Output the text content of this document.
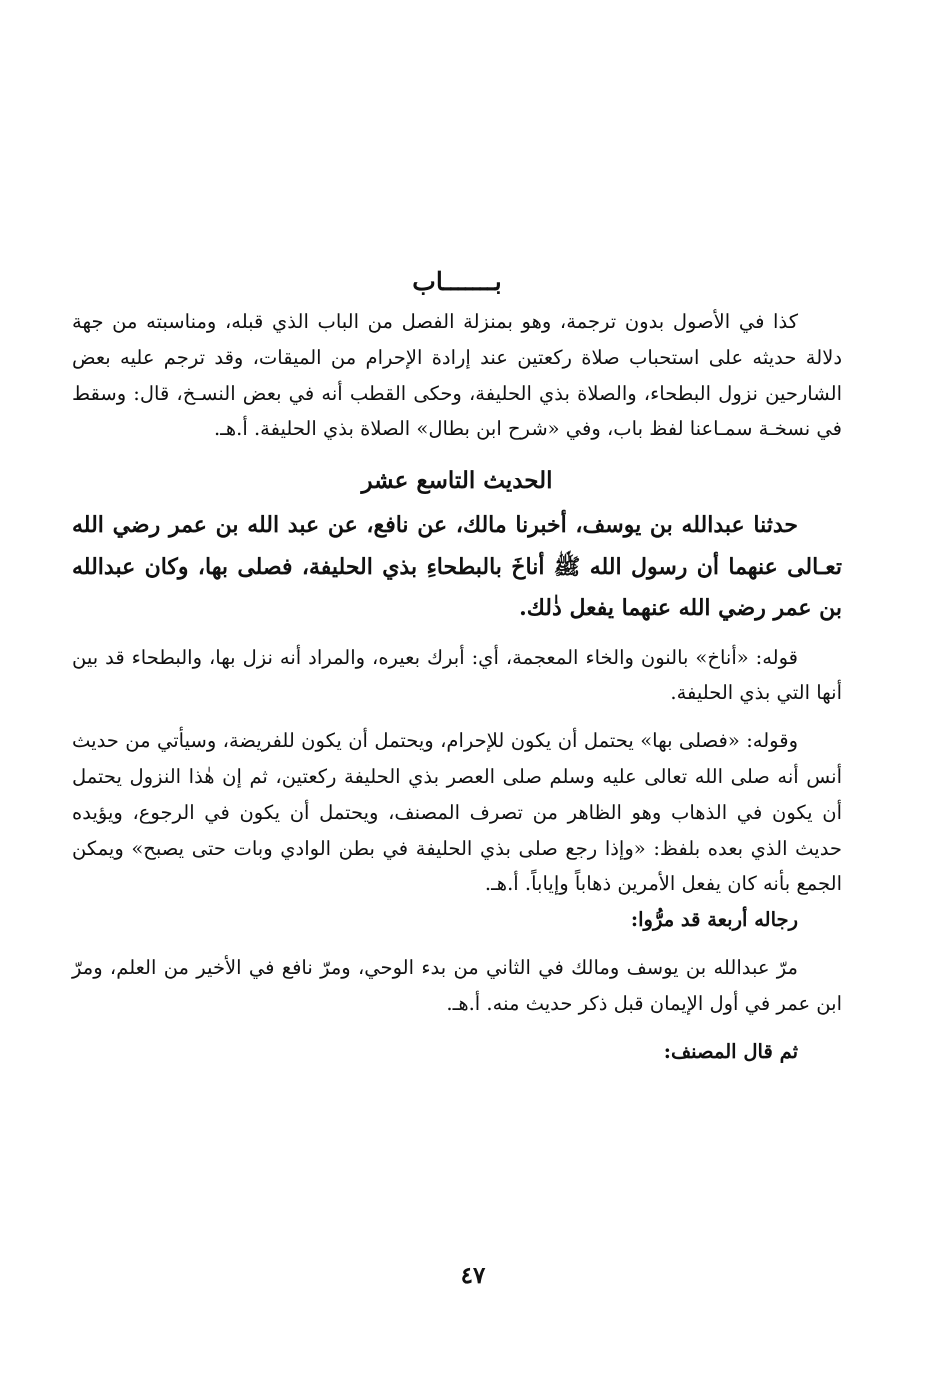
بـــــــاب

كذا في الأصول بدون ترجمة، وهو بمنزلة الفصل من الباب الذي قبله، ومناسبته من جهة دلالة حديثه على استحباب صلاة ركعتين عند إرادة الإحرام من الميقات، وقد ترجم عليه بعض الشارحين نزول البطحاء، والصلاة بذي الحليفة، وحكى القطب أنه في بعض النسـخ، قال: وسقط في نسخـة سمـاعنا لفظ باب، وفي «شرح ابن بطال» الصلاة بذي الحليفة. أ.هـ.

الحديث التاسع عشر

حدثنا عبدالله بن يوسف، أخبرنا مالك، عن نافع، عن عبد الله بن عمر رضي الله تعـالى عنهما أن رسول الله ﷺ أناخَ بالبطحاءِ بذي الحليفة، فصلى بها، وكان عبدالله بن عمر رضي الله عنهما يفعل ذٰلك.

قوله: «أناخ» بالنون والخاء المعجمة، أي: أبرك بعيره، والمراد أنه نزل بها، والبطحاء قد بين أنها التي بذي الحليفة.

وقوله: «فصلى بها» يحتمل أن يكون للإحرام، ويحتمل أن يكون للفريضة، وسيأتي من حديث أنس أنه صلى الله تعالى عليه وسلم صلى العصر بذي الحليفة ركعتين، ثم إن هٰذا النزول يحتمل أن يكون في الذهاب وهو الظاهر من تصرف المصنف، ويحتمل أن يكون في الرجوع، ويؤيده حديث الذي بعده بلفظ: «وإذا رجع صلى بذي الحليفة في بطن الوادي وبات حتى يصبح» ويمكن الجمع بأنه كان يفعل الأمرين ذهاباً وإياباً. أ.هـ.

رجاله أربعة قد مرُّوا:

مرّ عبدالله بن يوسف ومالك في الثاني من بدء الوحي، ومرّ نافع في الأخير من العلم، ومرّ ابن عمر في أول الإيمان قبل ذكر حديث منه. أ.هـ.

ثم قال المصنف:

٤٧
